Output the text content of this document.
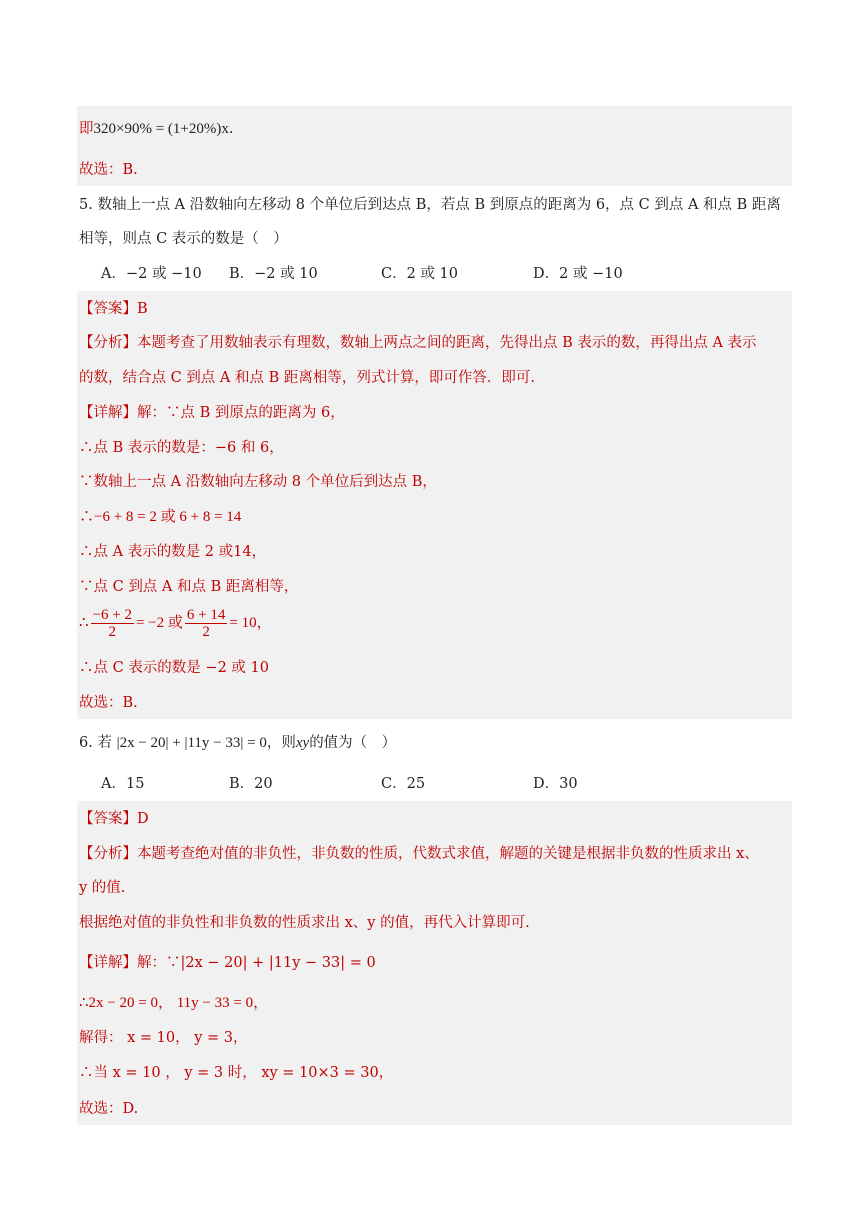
即320×90% = (1+20%)x.
故选：B.
5. 数轴上一点 A 沿数轴向左移动 8 个单位后到达点 B，若点 B 到原点的距离为 6，点 C 到点 A 和点 B 距离
相等，则点 C 表示的数是（　）
A．−2 或 −10 B．−2 或 10	C．2 或 10	D．2 或 −10
【答案】B
【分析】本题考查了用数轴表示有理数，数轴上两点之间的距离，先得出点 B 表示的数，再得出点 A 表示
的数，结合点 C 到点 A 和点 B 距离相等，列式计算，即可作答．即可.
【详解】解：∵点 B 到原点的距离为 6，
∴点 B 表示的数是：−6 和 6，
∵数轴上一点 A 沿数轴向左移动 8 个单位后到达点 B，
∴−6 + 8 = 2 或 6 + 8 = 14
∴点 A 表示的数是 2 或14，
∵点 C 到点 A 和点 B 距离相等，
∴ $\frac{-6 + 2}{2} = -2$ 或 $\frac{6 + 14}{2} = 10$，
∴点 C 表示的数是 −2 或 10
故选：B.
6. 若 |2x − 20| + |11y − 33| = 0，则xy的值为（　）
A．15	B．20	C．25	D．30
【答案】D
【分析】本题考查绝对值的非负性，非负数的性质，代数式求值，解题的关键是根据非负数的性质求出 x、
y 的值.
根据绝对值的非负性和非负数的性质求出 x、y 的值，再代入计算即可.
【详解】解：∵|2x − 20| + |11y − 33| = 0
∴2x − 20 = 0， 11y − 33 = 0，
解得： x = 10， y = 3，
∴当 x = 10 ， y = 3 时， xy = 10×3 = 30，
故选：D.
